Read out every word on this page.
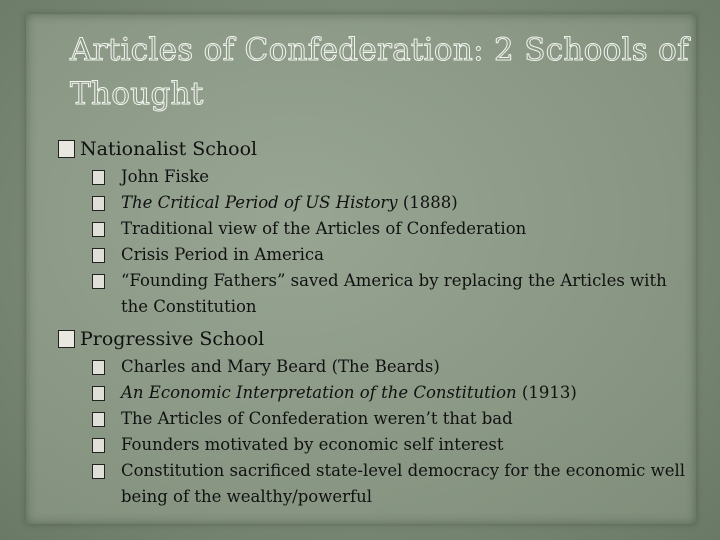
Articles of Confederation: 2 Schools of Thought
Nationalist School
John Fiske
The Critical Period of US History (1888)
Traditional view of the Articles of Confederation
Crisis Period in America
“Founding Fathers” saved America by replacing the Articles with the Constitution
Progressive School
Charles and Mary Beard (The Beards)
An Economic Interpretation of the Constitution (1913)
The Articles of Confederation weren’t that bad
Founders motivated by economic self interest
Constitution sacrificed state-level democracy for the economic well being of the wealthy/powerful
